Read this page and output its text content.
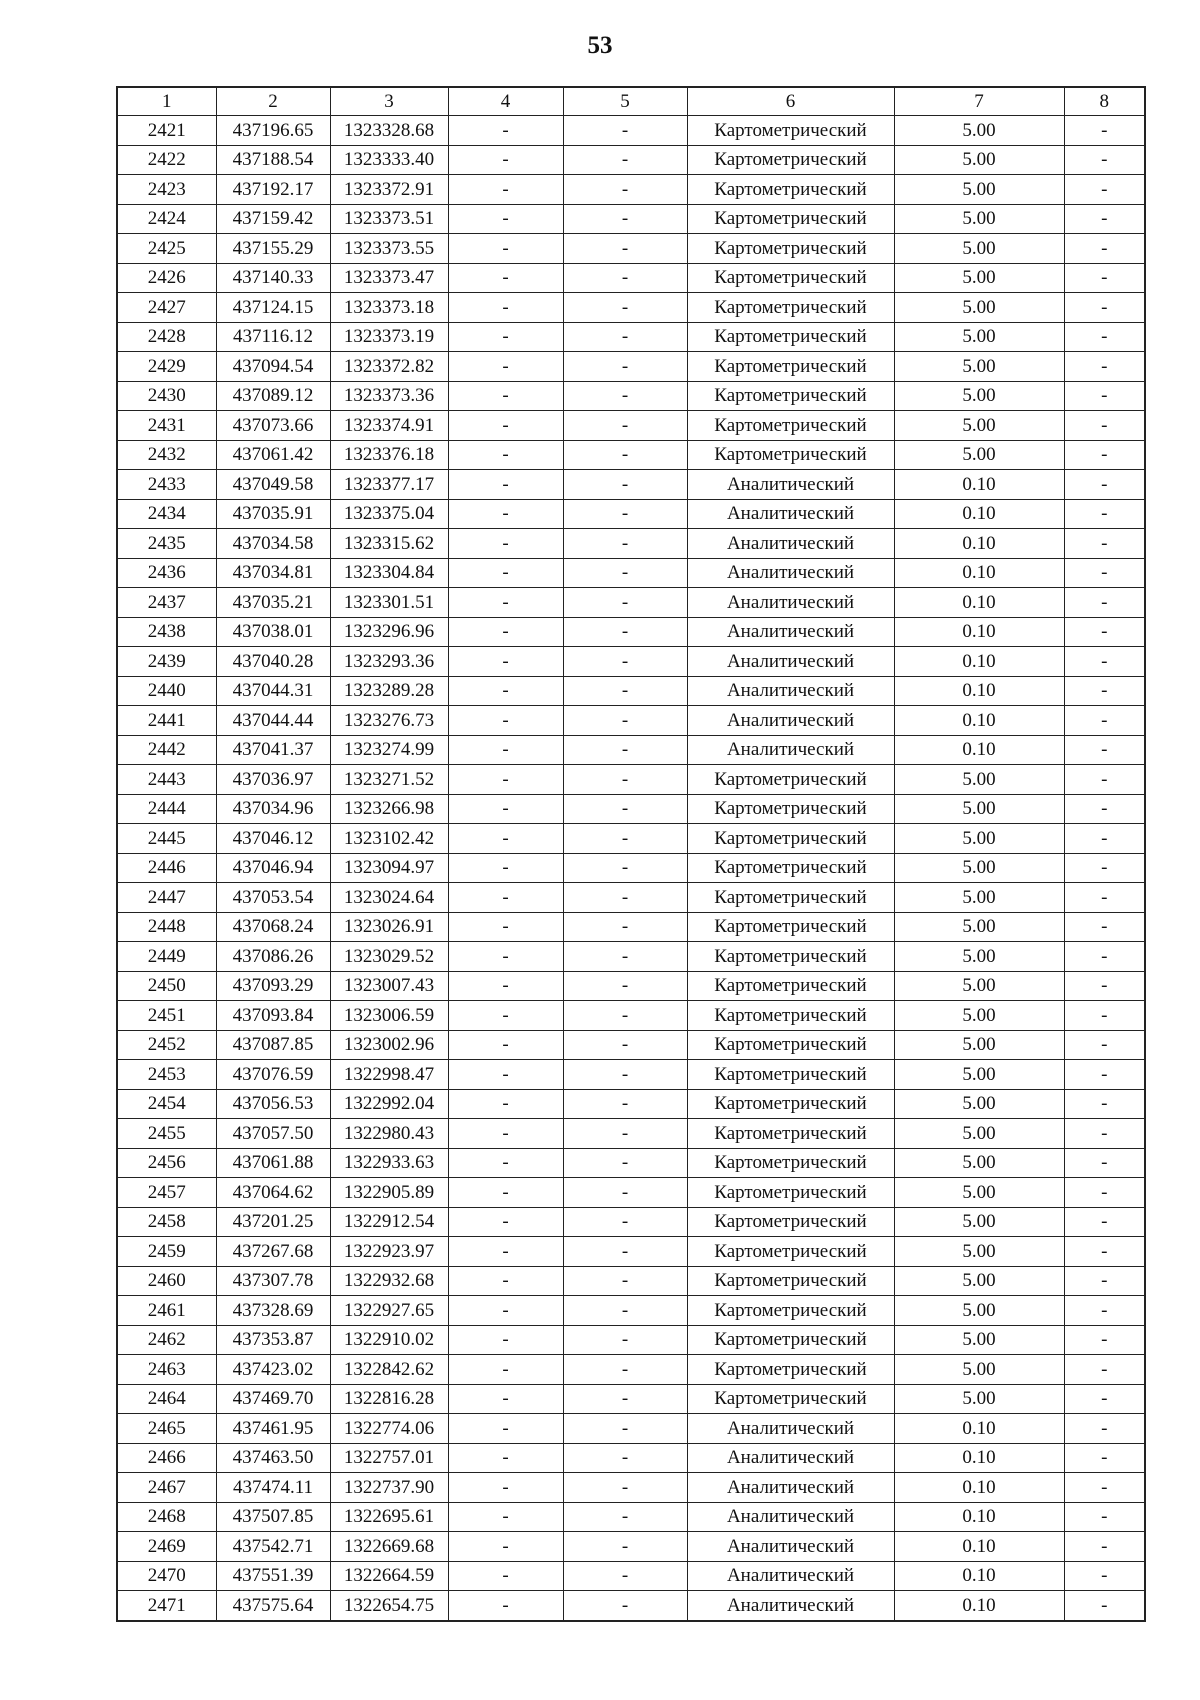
53
1	2	3	4	5	6	7	8
2421	437196.65	1323328.68	-	-	Картометрический	5.00	-
2422	437188.54	1323333.40	-	-	Картометрический	5.00	-
2423	437192.17	1323372.91	-	-	Картометрический	5.00	-
2424	437159.42	1323373.51	-	-	Картометрический	5.00	-
2425	437155.29	1323373.55	-	-	Картометрический	5.00	-
2426	437140.33	1323373.47	-	-	Картометрический	5.00	-
2427	437124.15	1323373.18	-	-	Картометрический	5.00	-
2428	437116.12	1323373.19	-	-	Картометрический	5.00	-
2429	437094.54	1323372.82	-	-	Картометрический	5.00	-
2430	437089.12	1323373.36	-	-	Картометрический	5.00	-
2431	437073.66	1323374.91	-	-	Картометрический	5.00	-
2432	437061.42	1323376.18	-	-	Картометрический	5.00	-
2433	437049.58	1323377.17	-	-	Аналитический	0.10	-
2434	437035.91	1323375.04	-	-	Аналитический	0.10	-
2435	437034.58	1323315.62	-	-	Аналитический	0.10	-
2436	437034.81	1323304.84	-	-	Аналитический	0.10	-
2437	437035.21	1323301.51	-	-	Аналитический	0.10	-
2438	437038.01	1323296.96	-	-	Аналитический	0.10	-
2439	437040.28	1323293.36	-	-	Аналитический	0.10	-
2440	437044.31	1323289.28	-	-	Аналитический	0.10	-
2441	437044.44	1323276.73	-	-	Аналитический	0.10	-
2442	437041.37	1323274.99	-	-	Аналитический	0.10	-
2443	437036.97	1323271.52	-	-	Картометрический	5.00	-
2444	437034.96	1323266.98	-	-	Картометрический	5.00	-
2445	437046.12	1323102.42	-	-	Картометрический	5.00	-
2446	437046.94	1323094.97	-	-	Картометрический	5.00	-
2447	437053.54	1323024.64	-	-	Картометрический	5.00	-
2448	437068.24	1323026.91	-	-	Картометрический	5.00	-
2449	437086.26	1323029.52	-	-	Картометрический	5.00	-
2450	437093.29	1323007.43	-	-	Картометрический	5.00	-
2451	437093.84	1323006.59	-	-	Картометрический	5.00	-
2452	437087.85	1323002.96	-	-	Картометрический	5.00	-
2453	437076.59	1322998.47	-	-	Картометрический	5.00	-
2454	437056.53	1322992.04	-	-	Картометрический	5.00	-
2455	437057.50	1322980.43	-	-	Картометрический	5.00	-
2456	437061.88	1322933.63	-	-	Картометрический	5.00	-
2457	437064.62	1322905.89	-	-	Картометрический	5.00	-
2458	437201.25	1322912.54	-	-	Картометрический	5.00	-
2459	437267.68	1322923.97	-	-	Картометрический	5.00	-
2460	437307.78	1322932.68	-	-	Картометрический	5.00	-
2461	437328.69	1322927.65	-	-	Картометрический	5.00	-
2462	437353.87	1322910.02	-	-	Картометрический	5.00	-
2463	437423.02	1322842.62	-	-	Картометрический	5.00	-
2464	437469.70	1322816.28	-	-	Картометрический	5.00	-
2465	437461.95	1322774.06	-	-	Аналитический	0.10	-
2466	437463.50	1322757.01	-	-	Аналитический	0.10	-
2467	437474.11	1322737.90	-	-	Аналитический	0.10	-
2468	437507.85	1322695.61	-	-	Аналитический	0.10	-
2469	437542.71	1322669.68	-	-	Аналитический	0.10	-
2470	437551.39	1322664.59	-	-	Аналитический	0.10	-
2471	437575.64	1322654.75	-	-	Аналитический	0.10	-
